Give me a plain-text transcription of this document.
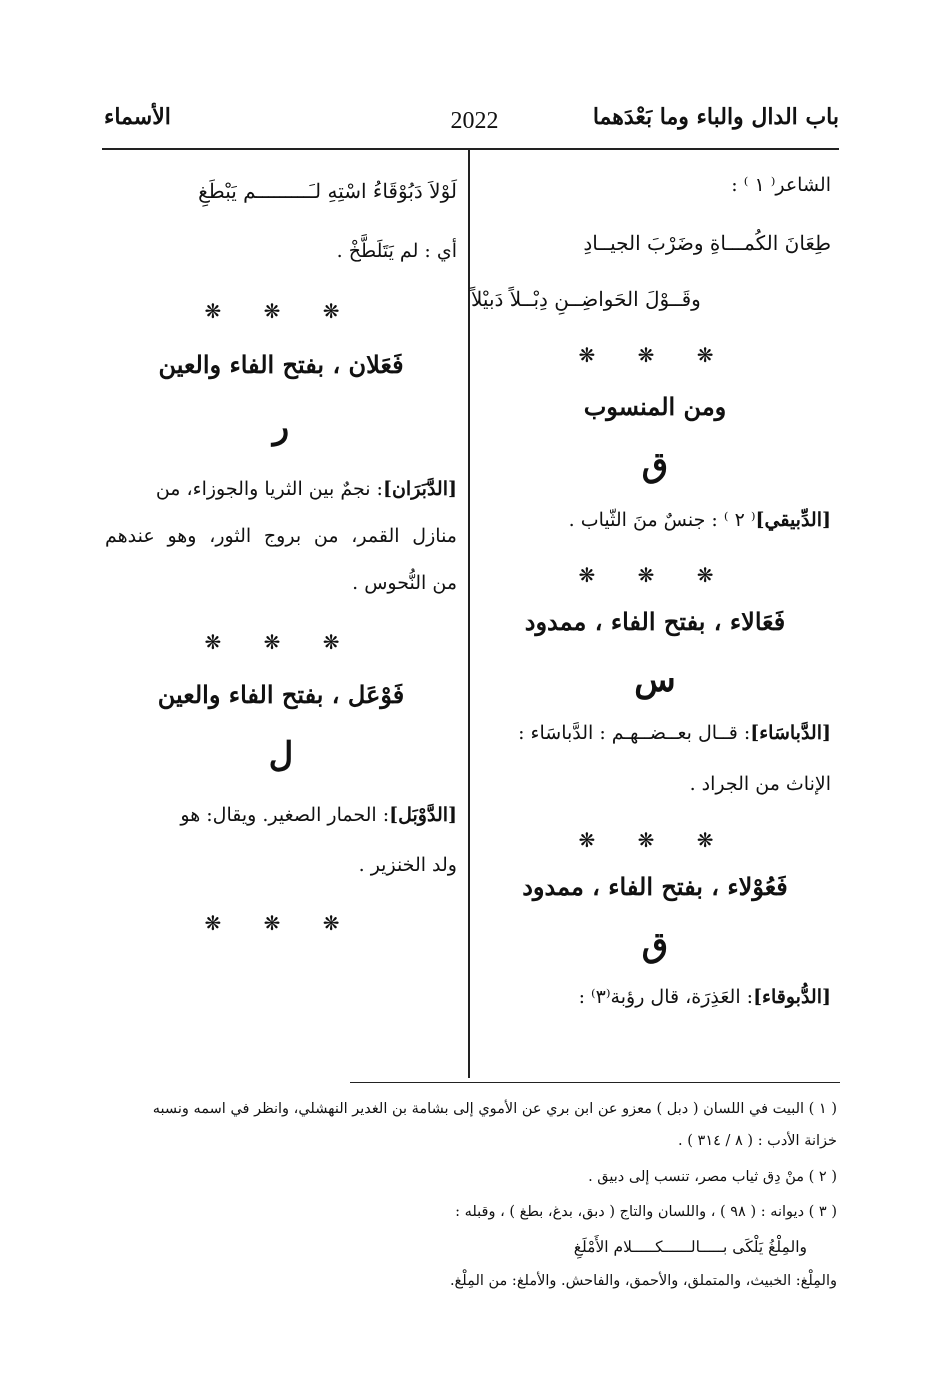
باب الدال والباء وما بَعْدَهما
2022
الأسماء
الشاعر⁽ ١ ⁾ :
طِعَانَ الكُمـــاةِ وضَرْبَ الجيــادِ
وقَــوْلَ الحَواضِــنِ دِبْــلاً دَبيْلاً
❋ ❋ ❋
ومن المنسوب
ق
[الدِّبيقي]⁽ ٢ ⁾ : جنسٌ منَ الثّياب .
❋ ❋ ❋
فَعَالاء ، بفتح الفاء ، ممدود
س
[الدَّباسَاء]: قــال بعــضــهـم : الدَّباسَاء :
الإناث من الجراد .
❋ ❋ ❋
فَعُوْلاء ، بفتح الفاء ، ممدود
ق
[الدُّبوقاء]: العَذِرَة، قال رؤبة⁽٣⁾ :
لَوْلاَ دَبُوْقَاءُ اسْتِهِ لـَـــــــــم يَبْطَغِ
أي : لم يَتَلَطَّخْ .
❋ ❋ ❋
فَعَلان ، بفتح الفاء والعين
ر
[الدَّبَرَان]: نجمٌ بين الثريا والجوزاء، من
منازل القمر، من بروج الثور، وهو عندهم
من النُّحوس .
❋ ❋ ❋
فَوْعَل ، بفتح الفاء والعين
ل
[الدَّوْبَل]: الحمار الصغير. ويقال: هو
ولد الخنزير .
❋ ❋ ❋
( ١ ) البيت في اللسان ( دبل ) معزو عن ابن بري عن الأموي إلى بشامة بن الغدير النهشلي، وانظر في اسمه ونسبه
خزانة الأدب : ( ٨ / ٣١٤ ) .
( ٢ ) منْ دِق ثياب مصر، تنسب إلى دبيق .
( ٣ ) ديوانه : ( ٩٨ ) ، واللسان والتاج ( دبق، بدغ، بطغ ) ، وقبله :
والمِلْغُ يَلْكَى بـــــالــــــكـــــلام الأَمْلَغِ
والمِلْغ: الخبيث، والمتملق، والأحمق، والفاحش. والأملغ: من المِلْغ.
